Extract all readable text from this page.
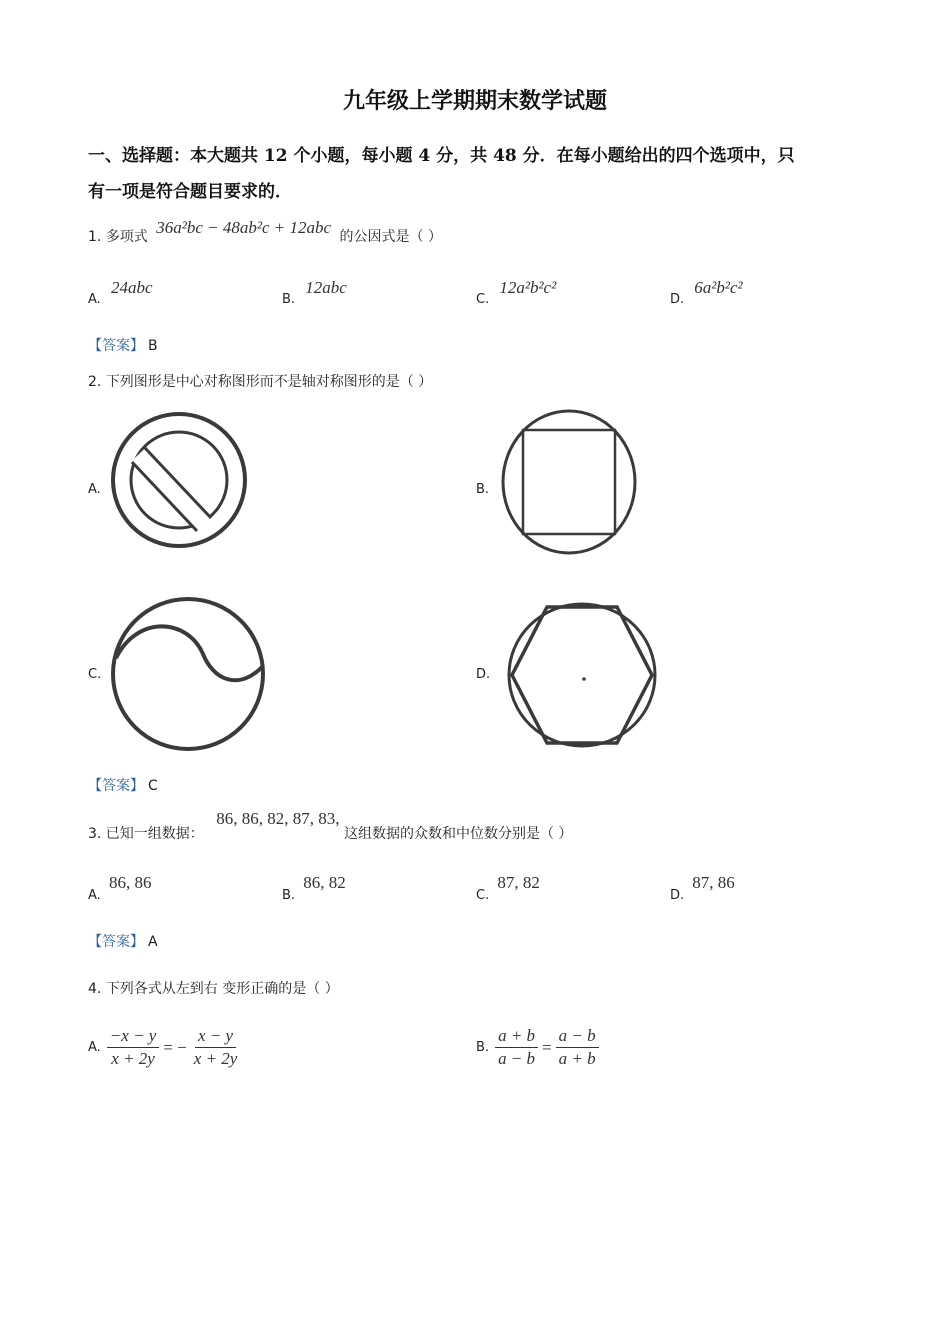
九年级上学期期末数学试题
一、选择题：本大题共 12 个小题，每小题 4 分，共 48 分．在每小题给出的四个选项中，只
有一项是符合题目要求的．
1. 多项式 36a²bc − 48ab²c + 12abc 的公因式是（ ）
A. 24abc
B. 12abc
C. 12a²b²c²
D. 6a²b²c²
【答案】 B
2. 下列图形是中心对称图形而不是轴对称图形的是（ ）
A.	B.
C.	D.
【答案】 C
3. 已知一组数据： 86, 86, 82, 87, 83, 这组数据的众数和中位数分别是（ ）
A. 86, 86
B. 86, 82
C. 87, 82
D. 87, 86
【答案】 A
4. 下列各式从左到右 变形正确的是（ ）
A. $\frac{-x - y}{x + 2y}$ = − $\frac{x - y}{x + 2y}$	B. $\frac{a + b}{a - b} = \frac{a - b}{a + b}$
